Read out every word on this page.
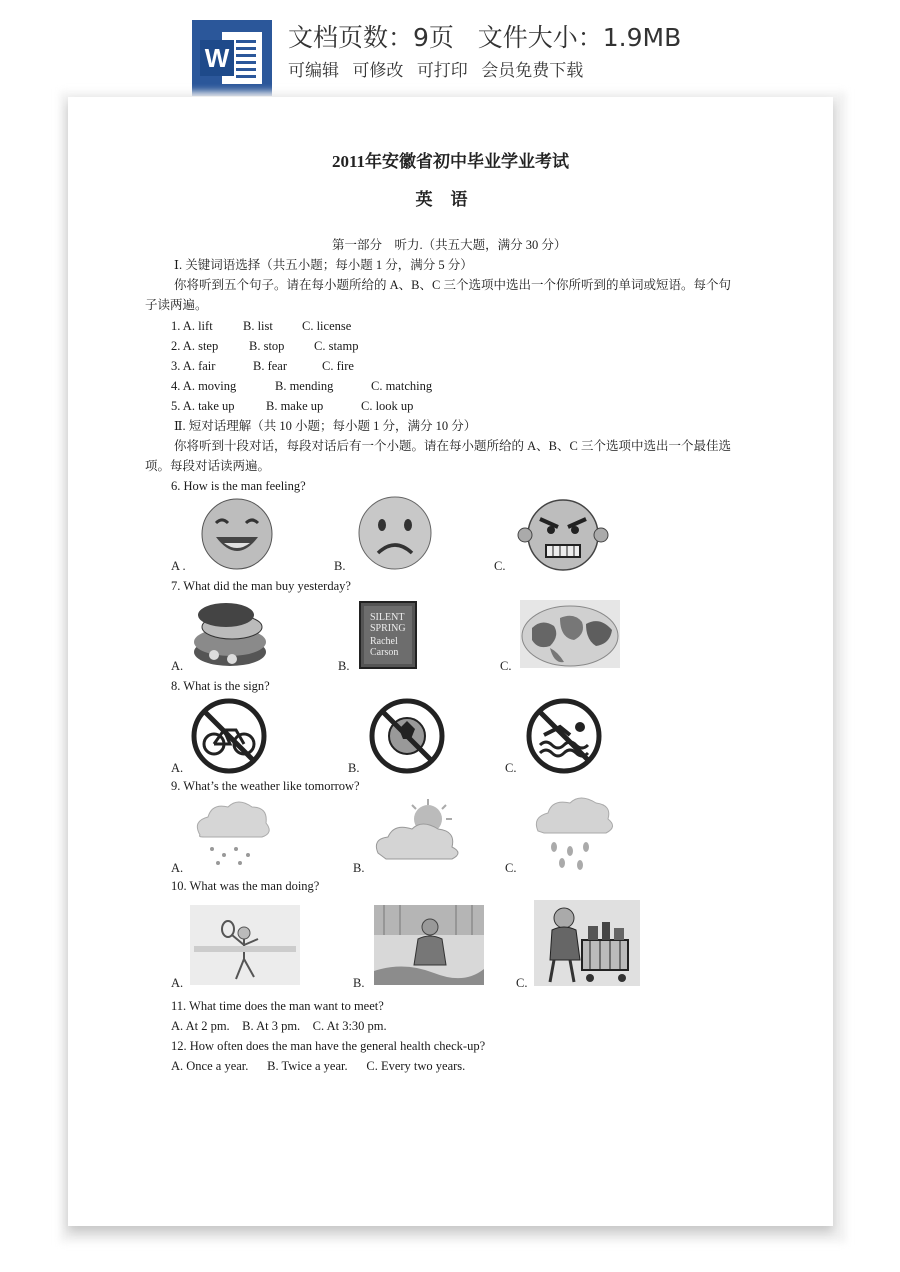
W
文档页数：9页   文件大小：1.9MB
可编辑 可修改 可打印 会员免费下载
2011年安徽省初中毕业学业考试
英语
第一部分    听力.（共五大题，满分 30 分）
Ⅰ. 关键词语选择（共五小题；每小题 1 分，满分 5 分）
你将听到五个句子。请在每小题所给的 A、B、C 三个选项中选出一个你所听到的单词或短语。每个句
子读两遍。
1. A. lift B. list C. license
2. A. step B. stop C. stamp
3. A. fair	B. fear	C. fire
4. A. moving	B. mending	C. matching
5. A. take up	B. make up	C. look up
Ⅱ. 短对话理解（共 10 小题；每小题 1 分，满分 10 分）
你将听到十段对话，每段对话后有一个小题。请在每小题所给的 A、B、C 三个选项中选出一个最佳选
项。每段对话读两遍。
6. How is the man feeling?
A .	B.	C.
7. What did the man buy yesterday?
SILENT
SPRING
Rachel
Carson
A.	B.	C.
8. What is the sign?
A.	B.	C.
9. What’s the weather like tomorrow?
A.	B.	C.
10. What was the man doing?
A.	B.	C.
11. What time does the man want to meet?
A. At 2 pm.    B. At 3 pm.    C. At 3:30 pm.
12. How often does the man have the general health check-up?
A. Once a year.      B. Twice a year.      C. Every two years.
